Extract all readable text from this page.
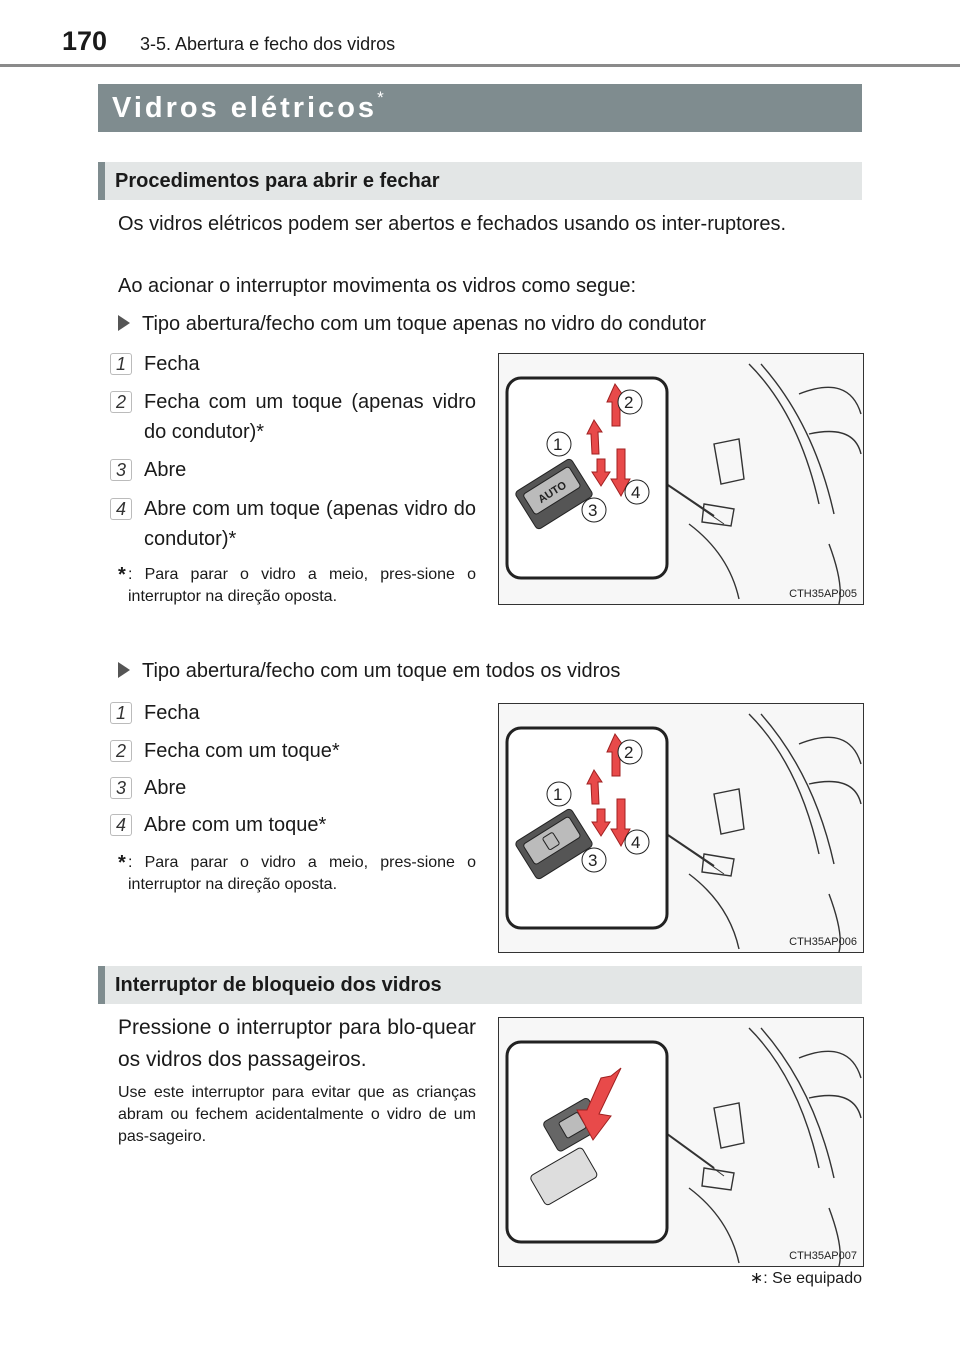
170 3-5. Abertura e fecho dos vidros
Vidros elétricos*
Procedimentos para abrir e fechar
Os vidros elétricos podem ser abertos e fechados usando os inter-ruptores.
Ao acionar o interruptor movimenta os vidros como segue:
Tipo abertura/fecho com um toque apenas no vidro do condutor
1 Fecha
2 Fecha com um toque (apenas vidro do condutor)*
3 Abre
4 Abre com um toque (apenas vidro do condutor)*
* : Para parar o vidro a meio, pres-sione o interruptor na direção oposta.
AUTO
2
1
3
4
CTH35AP005
Tipo abertura/fecho com um toque em todos os vidros
1 Fecha
2 Fecha com um toque*
3 Abre
4 Abre com um toque*
* : Para parar o vidro a meio, pres-sione o interruptor na direção oposta.
2
1
3
4
CTH35AP006
Interruptor de bloqueio dos vidros
Pressione o interruptor para blo-quear os vidros dos passageiros.
Use este interruptor para evitar que as crianças abram ou fechem acidentalmente o vidro de um pas-sageiro.
CTH35AP007
∗: Se equipado
